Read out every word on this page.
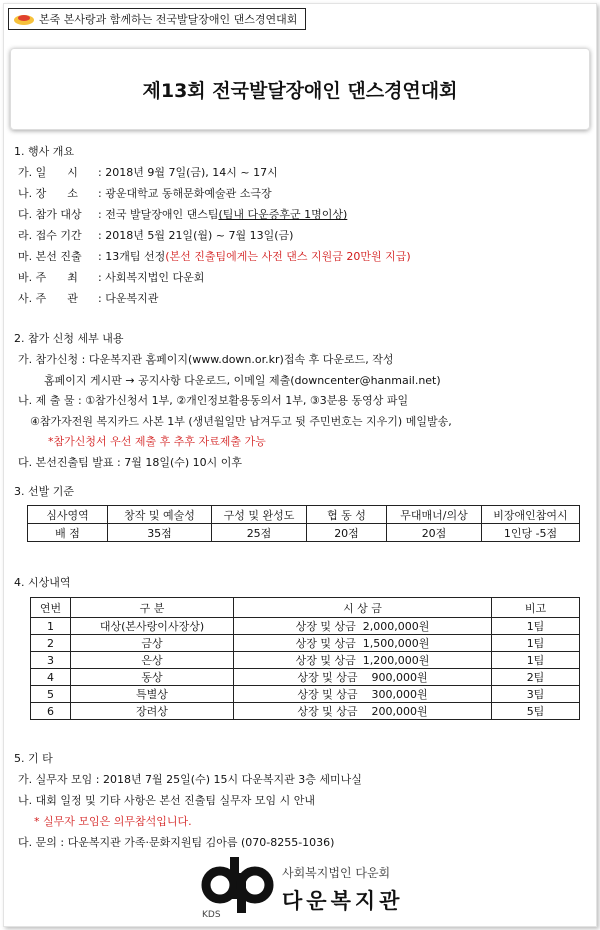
본죽 본사랑과 함께하는 전국발달장애인 댄스경연대회
제13회 전국발달장애인 댄스경연대회
1. 행사 개요
가. 일      시 : 2018년 9월 7일(금), 14시 ~ 17시
나. 장      소 : 광운대학교 동해문화예술관 소극장
다. 참가 대상 : 전국 발달장애인 댄스팀(팀내 다운증후군 1명이상)
라. 접수 기간 : 2018년 5월 21일(월) ~ 7월 13일(금)
마. 본선 진출 : 13개팀 선정(본선 진출팀에게는 사전 댄스 지원금 20만원 지급)
바. 주      최 : 사회복지법인 다운회
사. 주      관 : 다운복지관
2. 참가 신청 세부 내용
가. 참가신청 : 다운복지관 홈페이지(www.down.or.kr)접속 후 다운로드, 작성
홈페이지 게시판 → 공지사항 다운로드, 이메일 제출(downcenter@hanmail.net)
나. 제 출 물 : ①참가신청서 1부, ②개인정보활용동의서 1부, ③3분용 동영상 파일
④참가자전원 복지카드 사본 1부 (생년월일만 남겨두고 뒷 주민번호는 지우기) 메일발송,
*참가신청서 우선 제출 후 추후 자료제출 가능
다. 본선진출팀 발표 : 7월 18일(수) 10시 이후
3. 선발 기준
심사영역	창작 및 예술성	구성 및 완성도	협 동 성	무대매너/의상	비장애인참여시
배 점	35점	25점	20점	20점	1인당 -5점
4. 시상내역
연번	구 분	시 상 금	비고
1	대상(본사랑이사장상)	상장 및 상금  2,000,000원	1팀
2	금상	상장 및 상금  1,500,000원	1팀
3	은상	상장 및 상금  1,200,000원	1팀
4	동상	상장 및 상금    900,000원	2팀
5	특별상	상장 및 상금    300,000원	3팀
6	장려상	상장 및 상금    200,000원	5팀
5. 기 타
가. 실무자 모임 : 2018년 7월 25일(수) 15시 다운복지관 3층 세미나실
나. 대회 일정 및 기타 사항은 본선 진출팀 실무자 모임 시 안내
* 실무자 모임은 의무참석입니다.
다. 문의 : 다운복지관 가족·문화지원팀 김아름 (070-8255-1036)
KDS
사회복지법인 다운회
다운복지관
